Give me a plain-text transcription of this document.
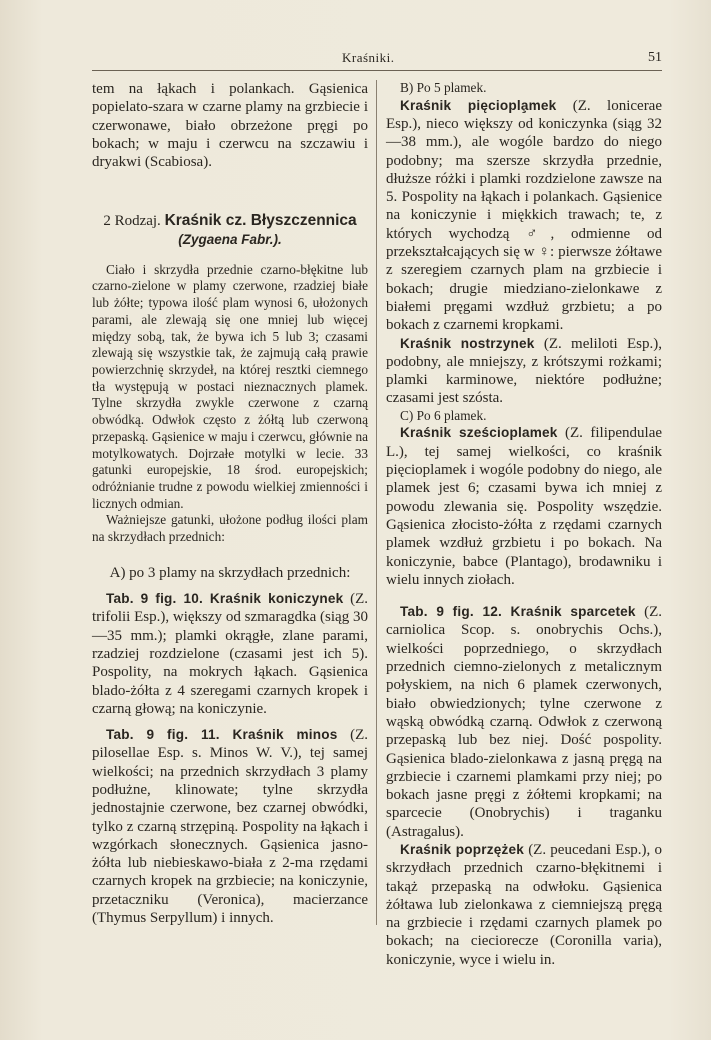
Kraśniki.	51

tem na łąkach i polankach. Gąsienica popielato-szara w czarne plamy na grzbiecie i czerwonawe, biało obrzeżone pręgi po bokach; w maju i czerwcu na szczawiu i dryakwi (Scabiosa).

2 Rodzaj. Kraśnik cz. Błyszczennica

(Zygaena Fabr.).

Ciało i skrzydła przednie czarno-błękitne lub czarno-zielone w plamy czerwone, rzadziej białe lub żółte; typowa ilość plam wynosi 6, ułożonych parami, ale zlewają się one mniej lub więcej między sobą, tak, że bywa ich 5 lub 3; czasami zlewają się wszystkie tak, że zajmują całą prawie powierzchnię skrzydeł, na której resztki ciemnego tła występują w postaci nieznacznych plamek. Tylne skrzydła zwykle czerwone z czarną obwódką. Odwłok często z żółtą lub czerwoną przepaską. Gąsienice w maju i czerwcu, głównie na motylkowatych. Dojrzałe motylki w lecie. 33 gatunki europejskie, 18 środ. europejskich; odróżnianie trudne z powodu wielkiej zmienności i licznych odmian.

Ważniejsze gatunki, ułożone podług ilości plam na skrzydłach przednich:

A) po 3 plamy na skrzydłach przednich:

Tab. 9 fig. 10. Kraśnik koniczynek (Z. trifolii Esp.), większy od szmaragdka (siąg 30—35 mm.); plamki okrągłe, zlane parami, rzadziej rozdzielone (czasami jest ich 5). Pospolity, na mokrych łąkach. Gąsienica blado-żółta z 4 szeregami czarnych kropek i czarną głową; na koniczynie.

Tab. 9 fig. 11. Kraśnik minos (Z. pilosellae Esp. s. Minos W. V.), tej samej wielkości; na przednich skrzydłach 3 plamy podłużne, klinowate; tylne skrzydła jednostajnie czerwone, bez czarnej obwódki, tylko z czarną strzępiną. Pospolity na łąkach i wzgórkach słonecznych. Gąsienica jasno-żółta lub niebieskawo-biała z 2-ma rzędami czarnych kropek na grzbiecie; na koniczynie, przetaczniku (Veronica), macierzance (Thymus Serpyllum) i innych.

B) Po 5 plamek.

Kraśnik pięciopla̧mek (Z. lonicerae Esp.), nieco większy od koniczynka (siąg 32—38 mm.), ale wogóle bardzo do niego podobny; ma szersze skrzydła przednie, dłuższe różki i plamki rozdzielone zawsze na 5. Pospolity na łąkach i polankach. Gąsienice na koniczynie i miękkich trawach; te, z których wychodzą ♂, odmienne od przekształcających się w ♀: pierwsze żółtawe z szeregiem czarnych plam na grzbiecie i bokach; drugie miedziano-zielonkawe z białemi pręgami wzdłuż grzbietu; a po bokach z czarnemi kropkami.

Kraśnik nostrzynek (Z. meliloti Esp.), podobny, ale mniejszy, z krótszymi rożkami; plamki karminowe, niektóre podłużne; czasami jest szósta.

C) Po 6 plamek.

Kraśnik sześcioplamek (Z. filipendulae L.), tej samej wielkości, co kraśnik pięcioplamek i wogóle podobny do niego, ale plamek jest 6; czasami bywa ich mniej z powodu zlewania się. Pospolity wszędzie. Gąsienica złocisto-żółta z rzędami czarnych plamek wzdłuż grzbietu i po bokach. Na koniczynie, babce (Plantago), brodawniku i wielu innych ziołach.

Tab. 9 fig. 12. Kraśnik sparcetek (Z. carniolica Scop. s. onobrychis Ochs.), wielkości poprzedniego, o skrzydłach przednich ciemno-zielonych z metalicznym połyskiem, na nich 6 plamek czerwonych, biało obwiedzionych; tylne czerwone z wąską obwódką czarną. Odwłok z czerwoną przepaską lub bez niej. Dość pospolity. Gąsienica blado-zielonkawa z jasną pręgą na grzbiecie i czarnemi plamkami przy niej; po bokach jasne pręgi z żółtemi kropkami; na sparcecie (Onobrychis) i traganku (Astragalus).

Kraśnik poprzężek (Z. peucedani Esp.), o skrzydłach przednich czarno-błękitnemi i takąż przepaską na odwłoku. Gąsienica żółtawa lub zielonkawa z ciemniejszą pręgą na grzbiecie i rzędami czarnych plamek po bokach; na cieciorecze (Coronilla varia), koniczynie, wyce i wielu in.
